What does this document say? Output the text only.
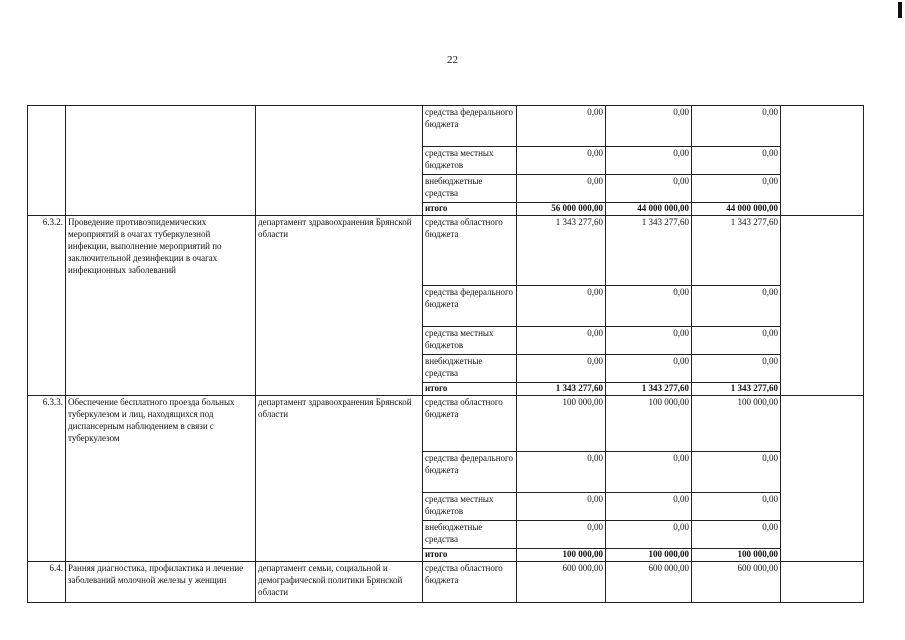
22
			средства федерального бюджета	0,00	0,00	0,00	
			средства местных бюджетов	0,00	0,00	0,00	
			внебюджетные средства	0,00	0,00	0,00	
			итого	56 000 000,00	44 000 000,00	44 000 000,00	
6.3.2.	Проведение противоэпидемических мероприятий в очагах туберкулезной инфекции, выполнение мероприятий по заключительной дезинфекции в очагах инфекционных заболеваний	департамент здравоохранения Брянской области	средства областного бюджета	1 343 277,60	1 343 277,60	1 343 277,60	
			средства федерального бюджета	0,00	0,00	0,00	
			средства местных бюджетов	0,00	0,00	0,00	
			внебюджетные средства	0,00	0,00	0,00	
			итого	1 343 277,60	1 343 277,60	1 343 277,60	
6.3.3.	Обеспечение бесплатного проезда больных туберкулезом и лиц, находящихся под диспансерным наблюдением в связи с туберкулезом	департамент здравоохранения Брянской области	средства областного бюджета	100 000,00	100 000,00	100 000,00	
			средства федерального бюджета	0,00	0,00	0,00	
			средства местных бюджетов	0,00	0,00	0,00	
			внебюджетные средства	0,00	0,00	0,00	
			итого	100 000,00	100 000,00	100 000,00	
6.4.	Ранняя диагностика, профилактика и лечение заболеваний молочной железы у женщин	департамент семьи, социальной и демографической политики Брянской области	средства областного бюджета	600 000,00	600 000,00	600 000,00	
